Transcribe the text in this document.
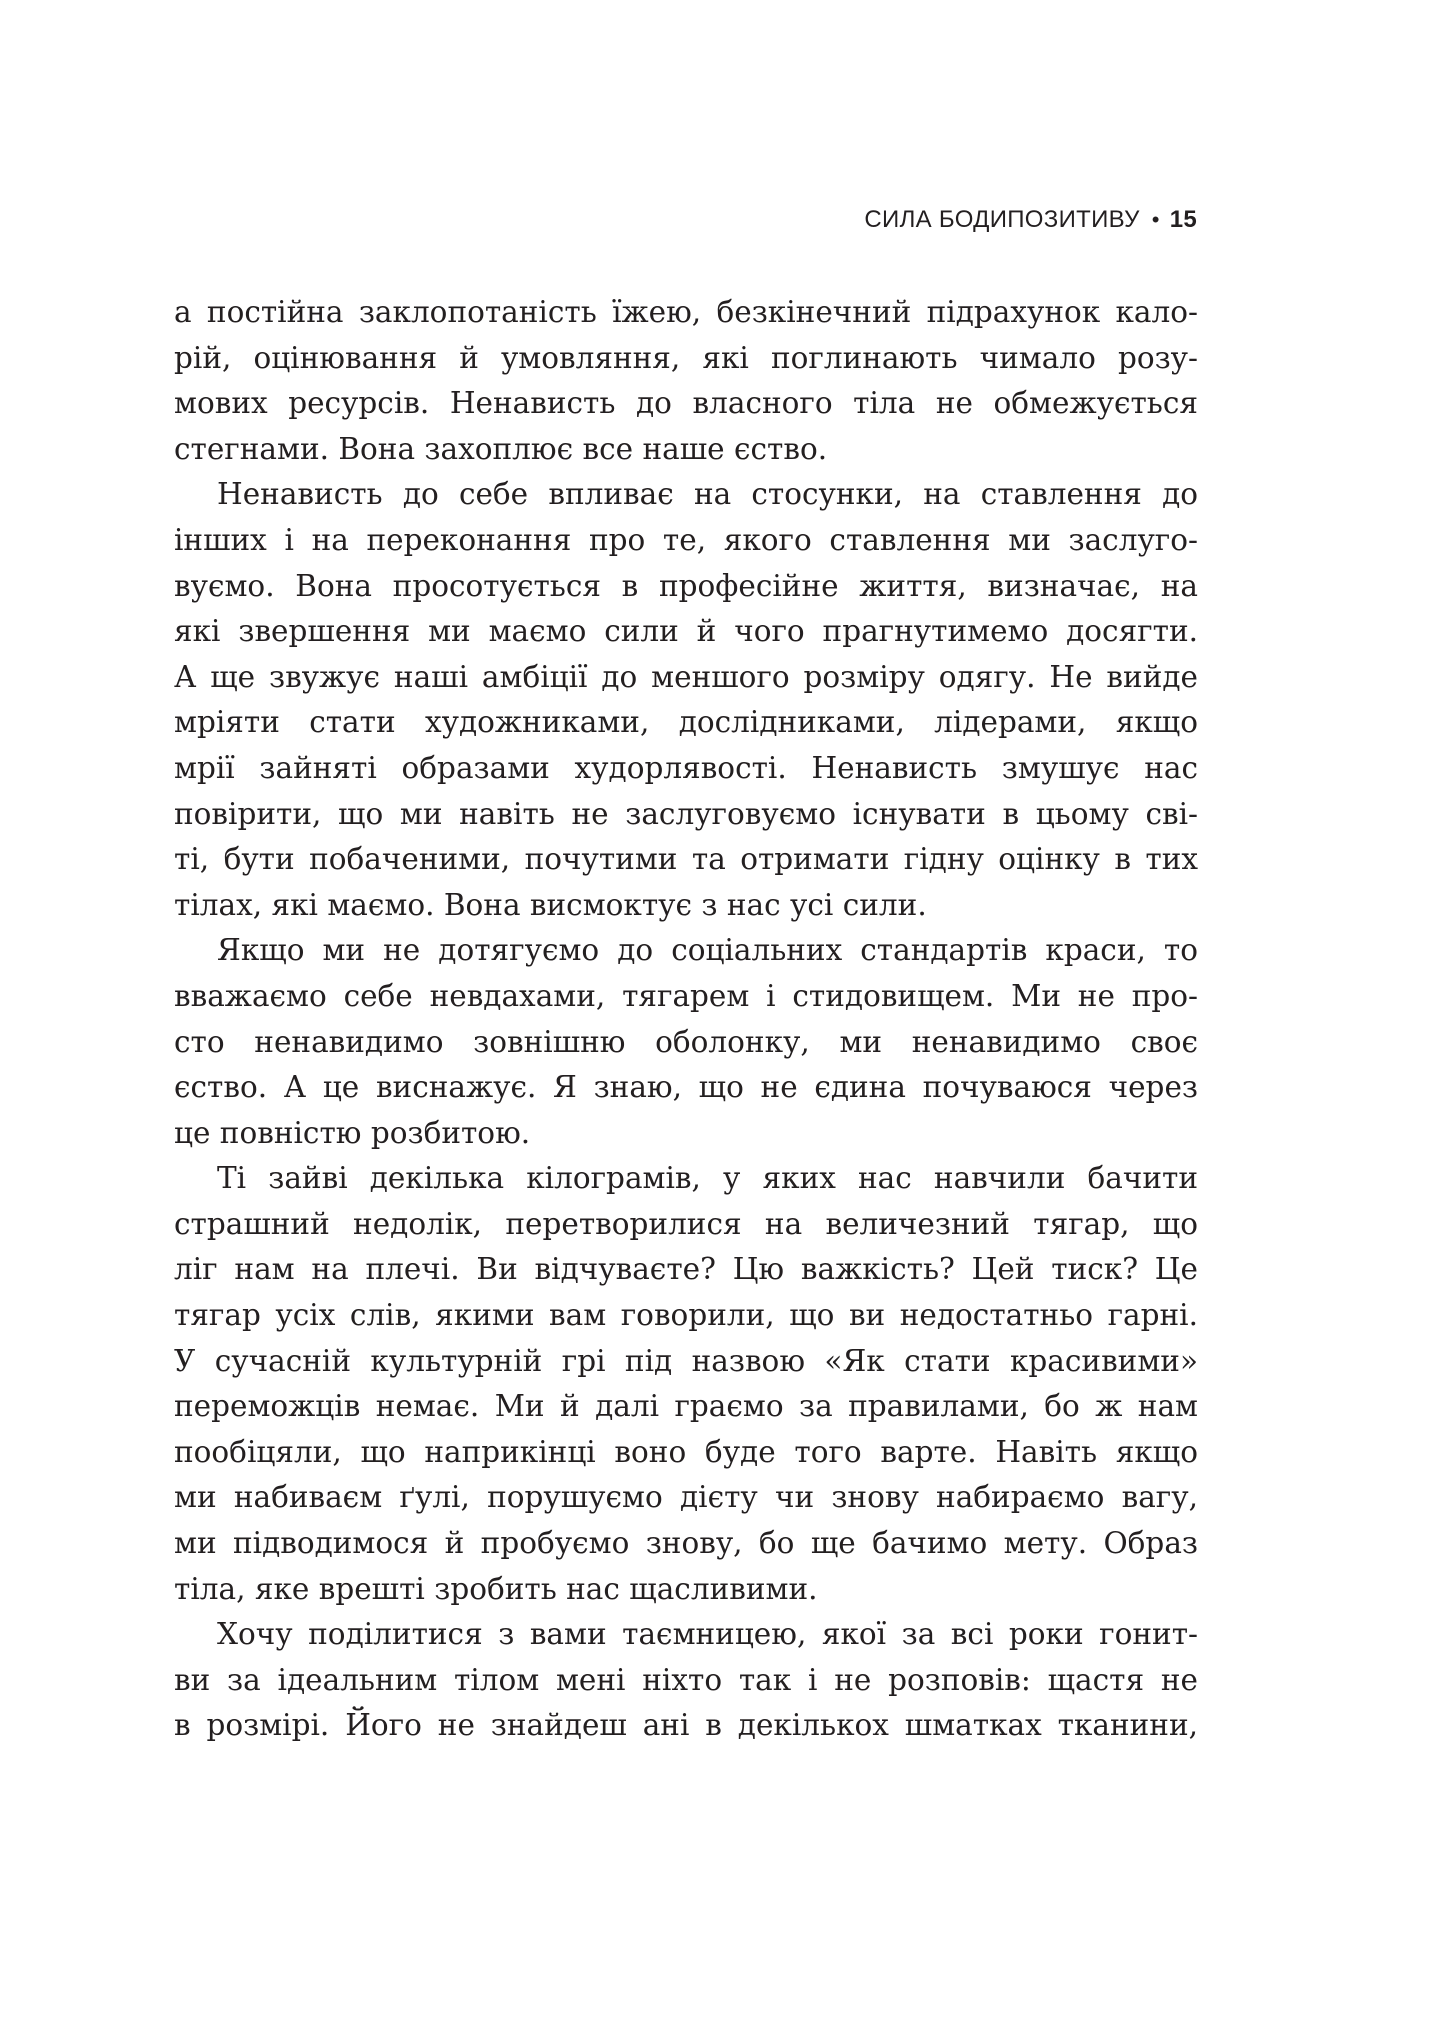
СИЛА БОДИПОЗИТИВУ • 15
а постійна заклопотаність їжею, безкінечний підрахунок кало-
рій, оцінювання й умовляння, які поглинають чимало розу-
мових ресурсів. Ненависть до власного тіла не обмежується
стегнами. Вона захоплює все наше єство.
Ненависть до себе впливає на стосунки, на ставлення до
інших і на переконання про те, якого ставлення ми заслуго-
вуємо. Вона просотується в професійне життя, визначає, на
які звершення ми маємо сили й чого прагнутимемо досягти.
А ще звужує наші амбіції до меншого розміру одягу. Не вийде
мріяти стати художниками, дослідниками, лідерами, якщо
мрії зайняті образами худорлявості. Ненависть змушує нас
повірити, що ми навіть не заслуговуємо існувати в цьому сві-
ті, бути побаченими, почутими та отримати гідну оцінку в тих
тілах, які маємо. Вона висмоктує з нас усі сили.
Якщо ми не дотягуємо до соціальних стандартів краси, то
вважаємо себе невдахами, тягарем і стидовищем. Ми не про-
сто ненавидимо зовнішню оболонку, ми ненавидимо своє
єство. А це виснажує. Я знаю, що не єдина почуваюся через
це повністю розбитою.
Ті зайві декілька кілограмів, у яких нас навчили бачити
страшний недолік, перетворилися на величезний тягар, що
ліг нам на плечі. Ви відчуваєте? Цю важкість? Цей тиск? Це
тягар усіх слів, якими вам говорили, що ви недостатньо гарні.
У сучасній культурній грі під назвою «Як стати красивими»
переможців немає. Ми й далі граємо за правилами, бо ж нам
пообіцяли, що наприкінці воно буде того варте. Навіть якщо
ми набиваєм ґулі, порушуємо дієту чи знову набираємо вагу,
ми підводимося й пробуємо знову, бо ще бачимо мету. Образ
тіла, яке врешті зробить нас щасливими.
Хочу поділитися з вами таємницею, якої за всі роки гонит-
ви за ідеальним тілом мені ніхто так і не розповів: щастя не
в розмірі. Його не знайдеш ані в декількох шматках тканини,
